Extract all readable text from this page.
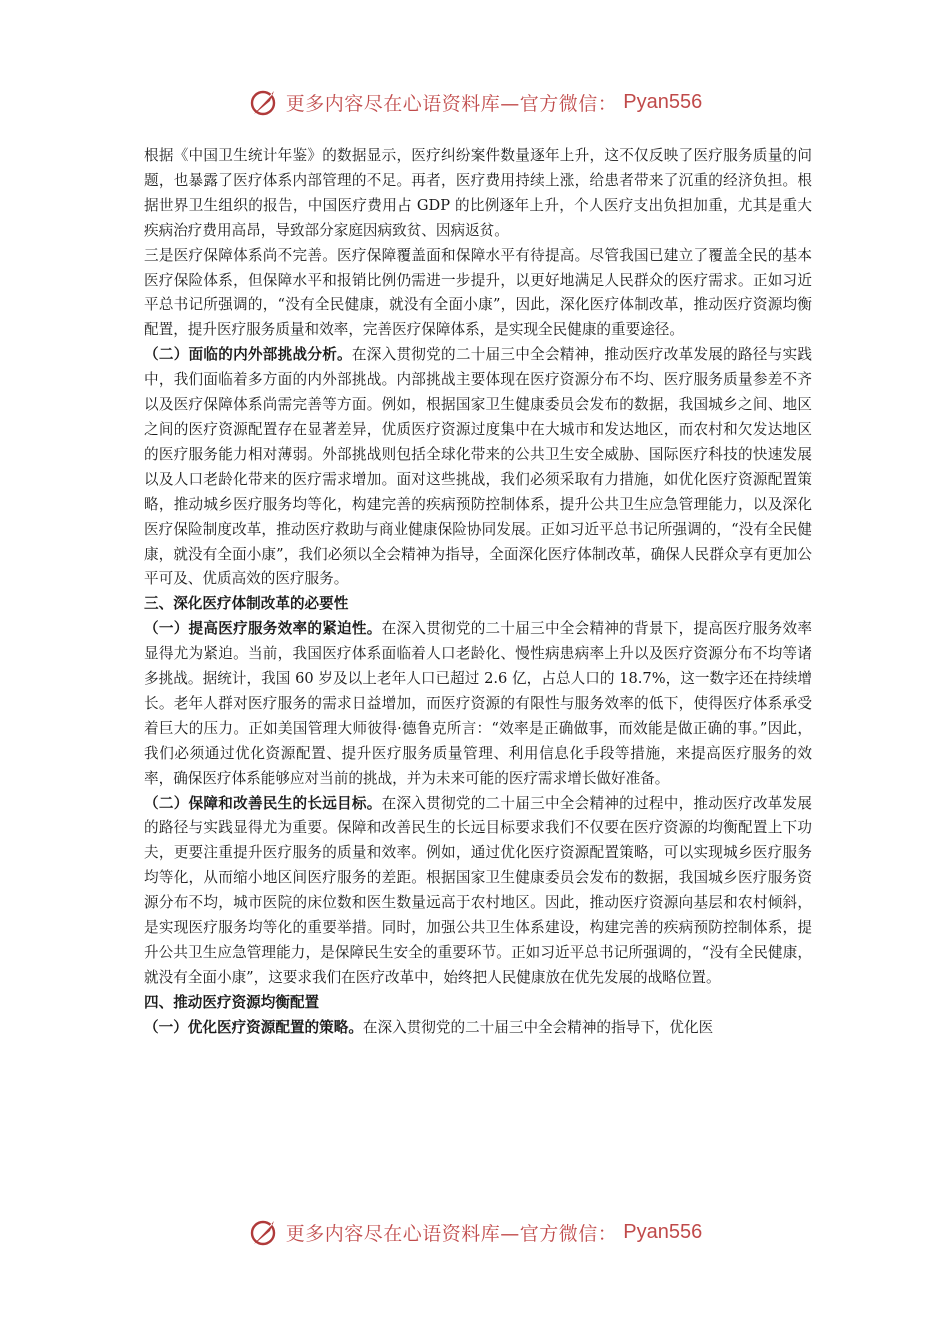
更多内容尽在心语资料库—官方微信： Pyan556

根据《中国卫生统计年鉴》的数据显示，医疗纠纷案件数量逐年上升，这不仅反映了医疗服务质量的问题，也暴露了医疗体系内部管理的不足。再者，医疗费用持续上涨，给患者带来了沉重的经济负担。根据世界卫生组织的报告，中国医疗费用占 GDP 的比例逐年上升，个人医疗支出负担加重，尤其是重大疾病治疗费用高昂，导致部分家庭因病致贫、因病返贫。

三是医疗保障体系尚不完善。医疗保障覆盖面和保障水平有待提高。尽管我国已建立了覆盖全民的基本医疗保险体系，但保障水平和报销比例仍需进一步提升，以更好地满足人民群众的医疗需求。正如习近平总书记所强调的，“没有全民健康，就没有全面小康”，因此，深化医疗体制改革，推动医疗资源均衡配置，提升医疗服务质量和效率，完善医疗保障体系，是实现全民健康的重要途径。

（二）面临的内外部挑战分析。在深入贯彻党的二十届三中全会精神，推动医疗改革发展的路径与实践中，我们面临着多方面的内外部挑战。内部挑战主要体现在医疗资源分布不均、医疗服务质量参差不齐以及医疗保障体系尚需完善等方面。例如，根据国家卫生健康委员会发布的数据，我国城乡之间、地区之间的医疗资源配置存在显著差异，优质医疗资源过度集中在大城市和发达地区，而农村和欠发达地区的医疗服务能力相对薄弱。外部挑战则包括全球化带来的公共卫生安全威胁、国际医疗科技的快速发展以及人口老龄化带来的医疗需求增加。面对这些挑战，我们必须采取有力措施，如优化医疗资源配置策略，推动城乡医疗服务均等化，构建完善的疾病预防控制体系，提升公共卫生应急管理能力，以及深化医疗保险制度改革，推动医疗救助与商业健康保险协同发展。正如习近平总书记所强调的，“没有全民健康，就没有全面小康”，我们必须以全会精神为指导，全面深化医疗体制改革，确保人民群众享有更加公平可及、优质高效的医疗服务。

三、深化医疗体制改革的必要性

（一）提高医疗服务效率的紧迫性。在深入贯彻党的二十届三中全会精神的背景下，提高医疗服务效率显得尤为紧迫。当前，我国医疗体系面临着人口老龄化、慢性病患病率上升以及医疗资源分布不均等诸多挑战。据统计，我国 60 岁及以上老年人口已超过 2.6 亿，占总人口的 18.7%，这一数字还在持续增长。老年人群对医疗服务的需求日益增加，而医疗资源的有限性与服务效率的低下，使得医疗体系承受着巨大的压力。正如美国管理大师彼得·德鲁克所言：“效率是正确做事，而效能是做正确的事。”因此，我们必须通过优化资源配置、提升医疗服务质量管理、利用信息化手段等措施，来提高医疗服务的效率，确保医疗体系能够应对当前的挑战，并为未来可能的医疗需求增长做好准备。

（二）保障和改善民生的长远目标。在深入贯彻党的二十届三中全会精神的过程中，推动医疗改革发展的路径与实践显得尤为重要。保障和改善民生的长远目标要求我们不仅要在医疗资源的均衡配置上下功夫，更要注重提升医疗服务的质量和效率。例如，通过优化医疗资源配置策略，可以实现城乡医疗服务均等化，从而缩小地区间医疗服务的差距。根据国家卫生健康委员会发布的数据，我国城乡医疗服务资源分布不均，城市医院的床位数和医生数量远高于农村地区。因此，推动医疗资源向基层和农村倾斜，是实现医疗服务均等化的重要举措。同时，加强公共卫生体系建设，构建完善的疾病预防控制体系，提升公共卫生应急管理能力，是保障民生安全的重要环节。正如习近平总书记所强调的，“没有全民健康，就没有全面小康”，这要求我们在医疗改革中，始终把人民健康放在优先发展的战略位置。

四、推动医疗资源均衡配置

（一）优化医疗资源配置的策略。在深入贯彻党的二十届三中全会精神的指导下，优化医

更多内容尽在心语资料库—官方微信： Pyan556
